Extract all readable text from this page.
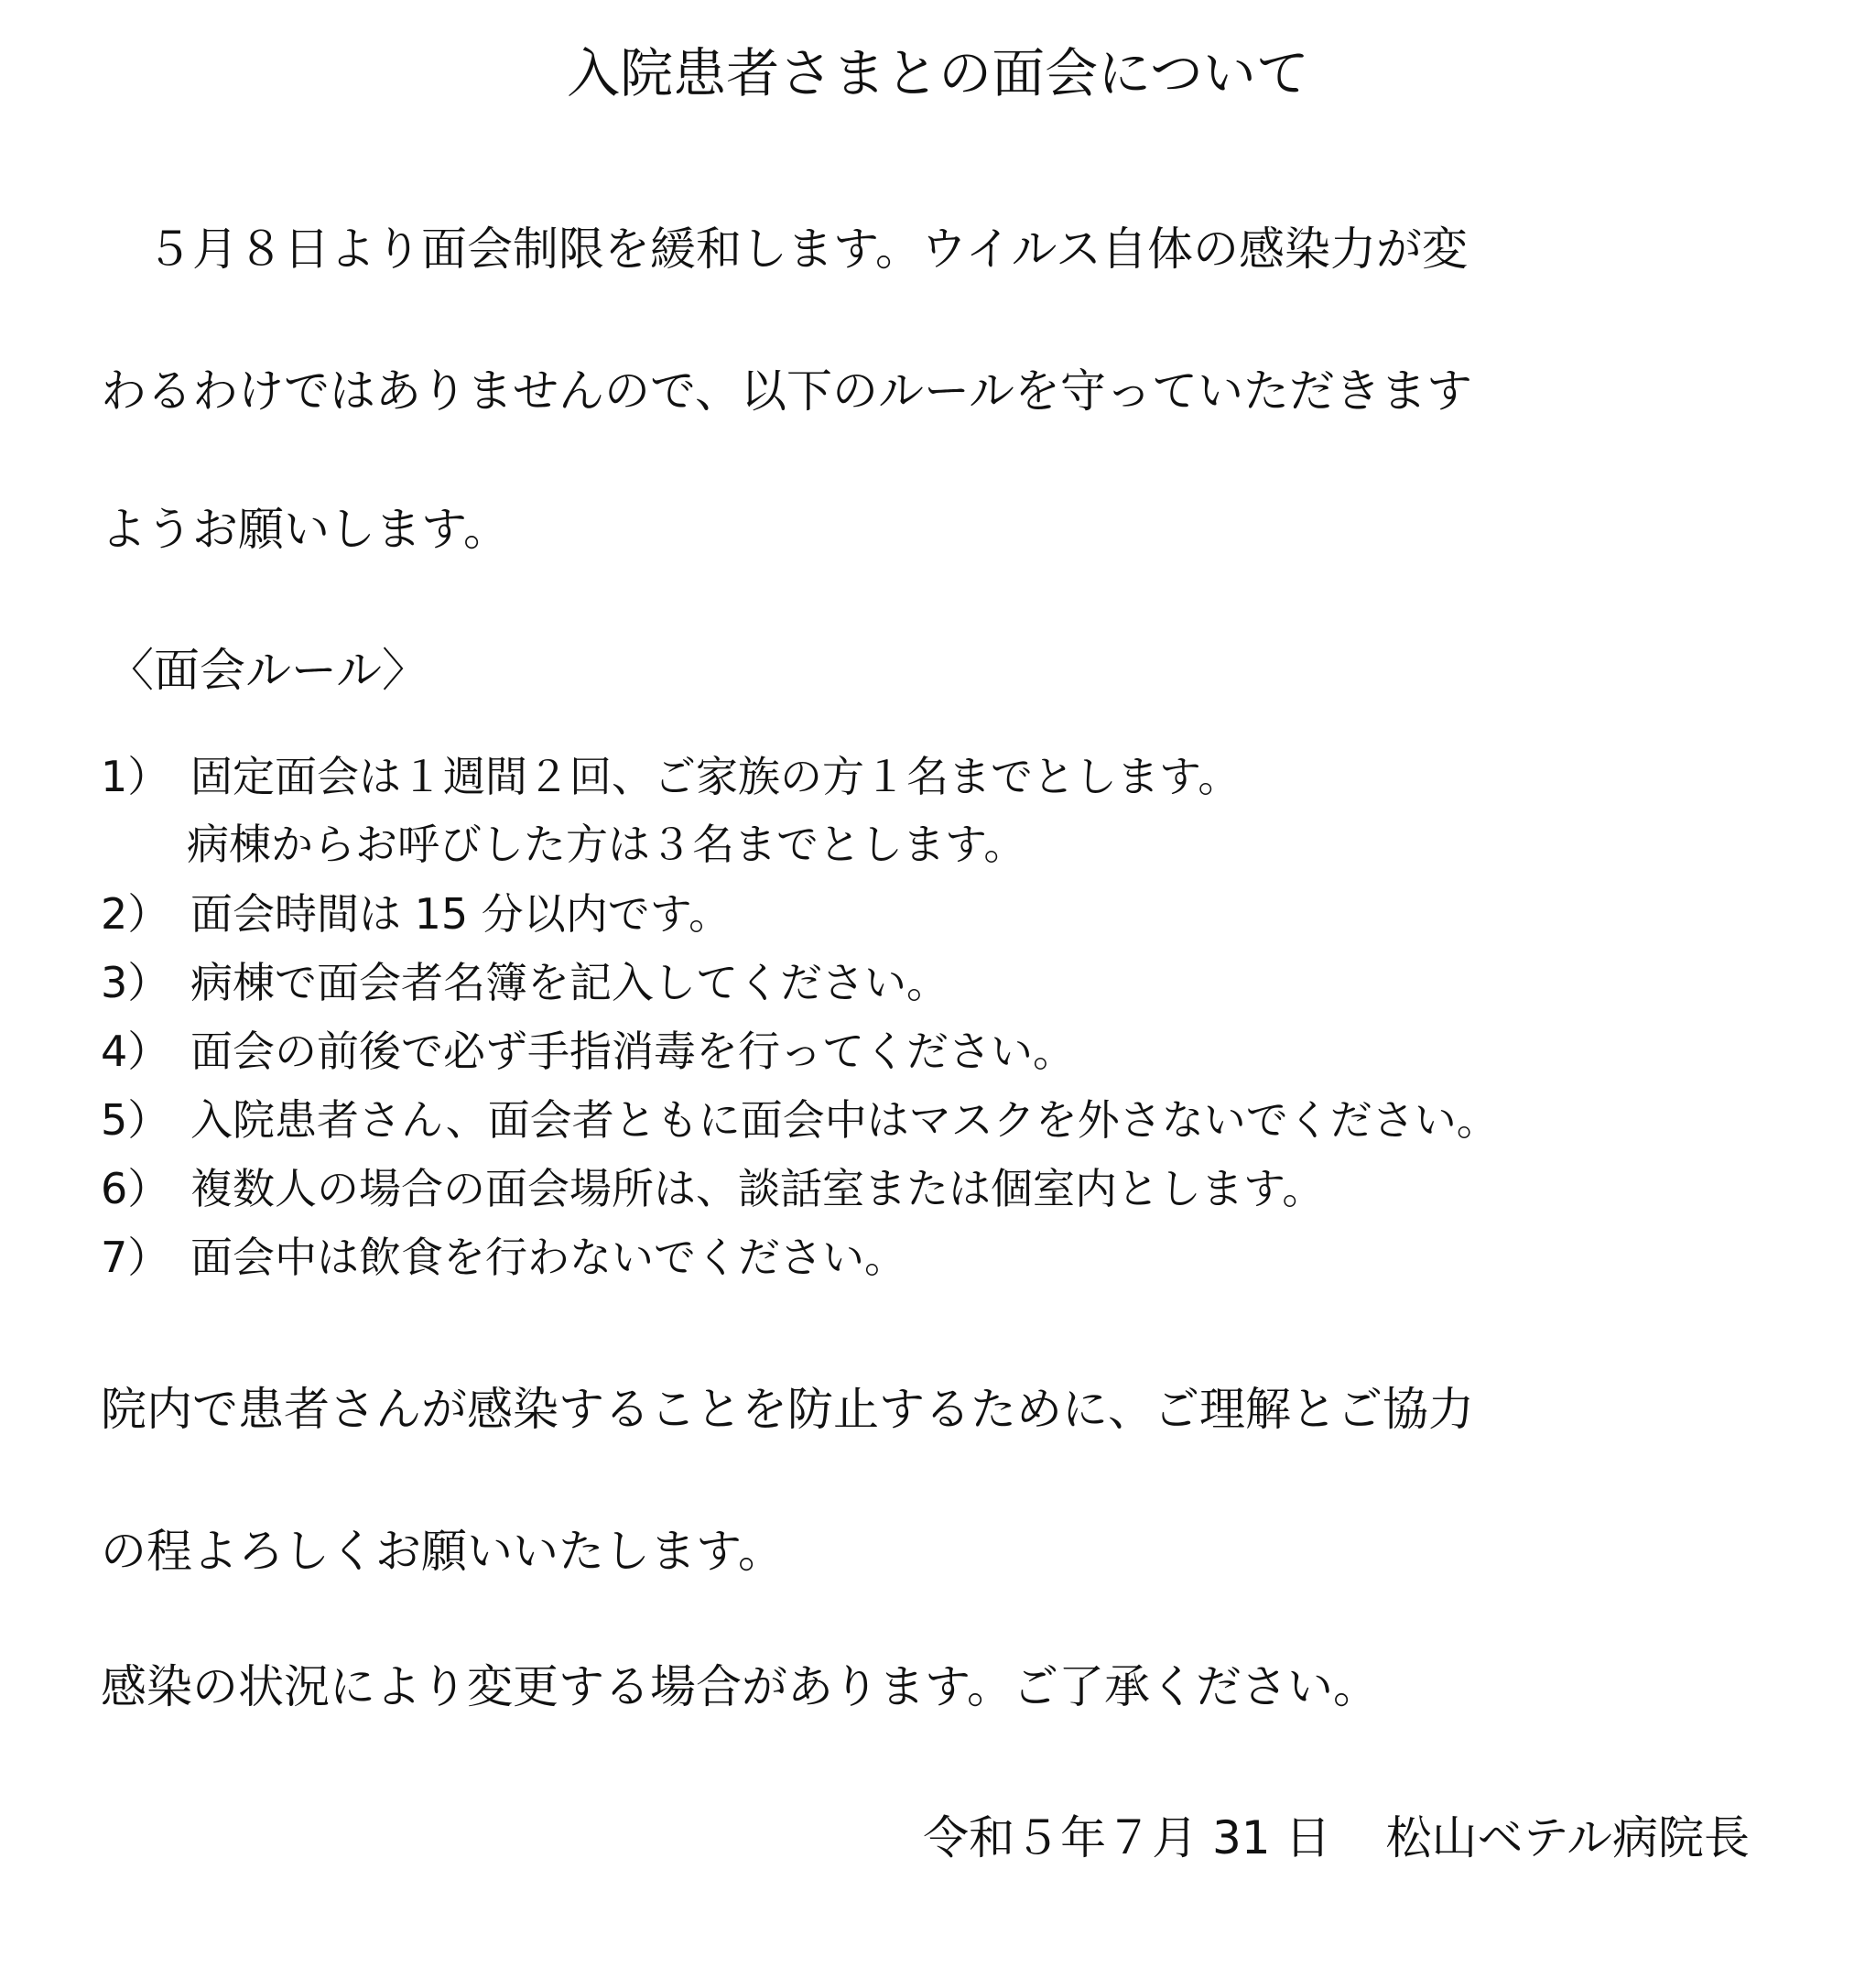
入院患者さまとの面会について
　５月８日より面会制限を緩和します。ウイルス自体の感染力が変
わるわけではありませんので、以下のルールを守っていただきます
ようお願いします。
〈面会ルール〉
1） 固定面会は１週間２回、ご家族の方１名までとします。
病棟からお呼びした方は３名までとします。
2） 面会時間は 15 分以内です。
3） 病棟で面会者名簿を記入してください。
4） 面会の前後で必ず手指消毒を行ってください。
5） 入院患者さん、面会者ともに面会中はマスクを外さないでください。
6） 複数人の場合の面会場所は、談話室または個室内とします。
7） 面会中は飲食を行わないでください。
院内で患者さんが感染することを防止するために、ご理解とご協力
の程よろしくお願いいたします。
感染の状況により変更する場合があります。ご了承ください。
令和５年７月 31 日 松山ベテル病院長
